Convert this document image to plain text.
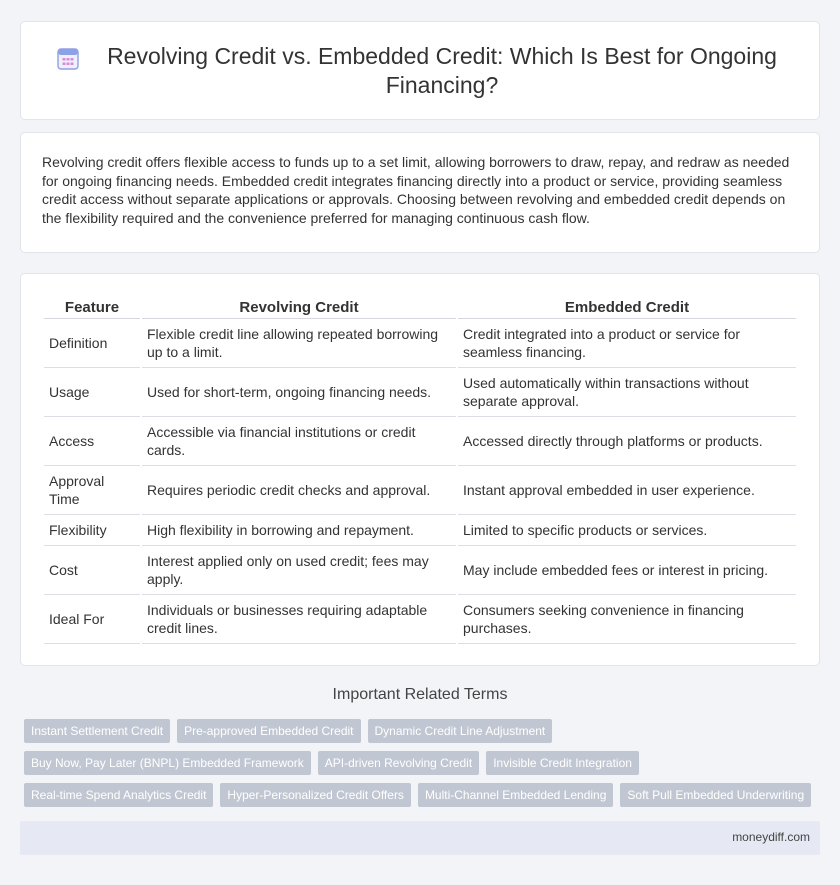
Revolving Credit vs. Embedded Credit: Which Is Best for Ongoing Financing?

Revolving credit offers flexible access to funds up to a set limit, allowing borrowers to draw, repay, and redraw as needed for ongoing financing needs. Embedded credit integrates financing directly into a product or service, providing seamless credit access without separate applications or approvals. Choosing between revolving and embedded credit depends on the flexibility required and the convenience preferred for managing continuous cash flow.

Feature	Revolving Credit	Embedded Credit
Definition	Flexible credit line allowing repeated borrowing up to a limit.	Credit integrated into a product or service for seamless financing.
Usage	Used for short-term, ongoing financing needs.	Used automatically within transactions without separate approval.
Access	Accessible via financial institutions or credit cards.	Accessed directly through platforms or products.
Approval Time	Requires periodic credit checks and approval.	Instant approval embedded in user experience.
Flexibility	High flexibility in borrowing and repayment.	Limited to specific products or services.
Cost	Interest applied only on used credit; fees may apply.	May include embedded fees or interest in pricing.
Ideal For	Individuals or businesses requiring adaptable credit lines.	Consumers seeking convenience in financing purchases.
Important Related Terms
Instant Settlement Credit Pre-approved Embedded Credit Dynamic Credit Line Adjustment
Buy Now, Pay Later (BNPL) Embedded Framework API-driven Revolving Credit Invisible Credit Integration
Real-time Spend Analytics Credit Hyper-Personalized Credit Offers Multi-Channel Embedded Lending Soft Pull Embedded Underwriting
moneydiff.com
